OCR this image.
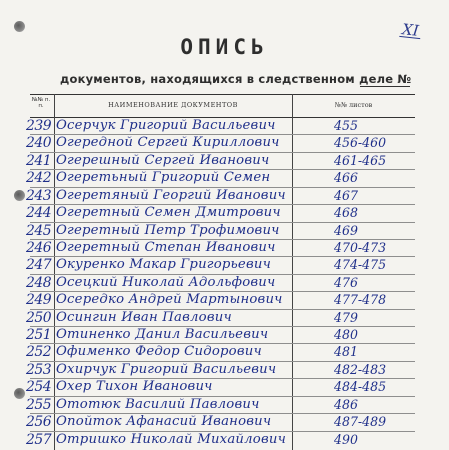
XI
ОПИСЬ
документов, находящихся в следственном деле №
№№ п. п.	НАИМЕНОВАНИЕ ДОКУМЕНТОВ	№№ листов
239 Осерчук Григорий Васильевич	455
240 Огередной Сергей Кириллович	456-460
241 Огерешный Сергей Иванович	461-465
242 Огеретьный Григорий Семен	466
243 Огеретяный Георгий Иванович	467
244 Огеретный Семен Дмитрович	468
245 Огеретный Петр Трофимович	469
246 Огеретный Степан Иванович	470-473
247 Окуренко Макар Григорьевич	474-475
248 Осецкий Николай Адольфович	476
249 Осередко Андрей Мартынович	477-478
250 Осингин Иван Павлович	479
251 Отиненко Данил Васильевич	480
252 Офименко Федор Сидорович	481
253 Охирчук Григорий Васильевич	482-483
254 Охер Тихон Иванович	484-485
255 Ототюк Василий Павлович	486
256 Опойток Афанасий Иванович	487-489
257 Отришко Николай Михайлович	490
